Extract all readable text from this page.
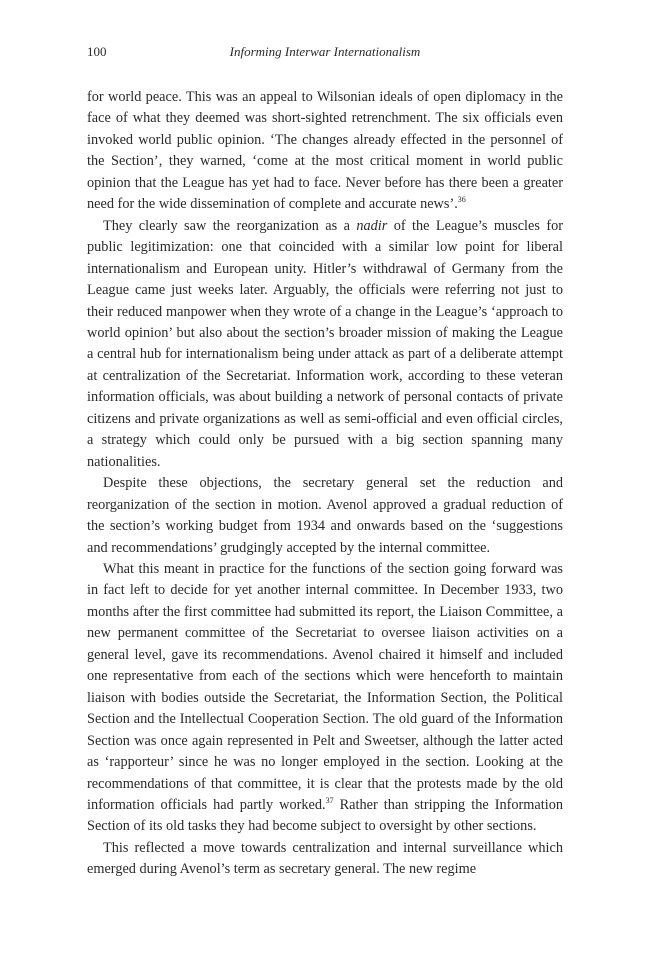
100	Informing Interwar Internationalism

for world peace. This was an appeal to Wilsonian ideals of open diplomacy in the face of what they deemed was short-sighted retrenchment. The six officials even invoked world public opinion. ‘The changes already effected in the personnel of the Section’, they warned, ‘come at the most critical moment in world public opinion that the League has yet had to face. Never before has there been a greater need for the wide dissemination of complete and accurate news’.$^{36}$

They clearly saw the reorganization as a nadir of the League’s muscles for public legitimization: one that coincided with a similar low point for liberal internationalism and European unity. Hitler’s withdrawal of Germany from the League came just weeks later. Arguably, the officials were referring not just to their reduced manpower when they wrote of a change in the League’s ‘approach to world opinion’ but also about the section’s broader mission of making the League a central hub for internationalism being under attack as part of a deliberate attempt at centralization of the Secretariat. Information work, according to these veteran information officials, was about building a network of personal contacts of private citizens and private organizations as well as semi-official and even official circles, a strategy which could only be pursued with a big section spanning many nationalities.

Despite these objections, the secretary general set the reduction and reorganization of the section in motion. Avenol approved a gradual reduction of the section’s working budget from 1934 and onwards based on the ‘suggestions and recommendations’ grudgingly accepted by the internal committee.

What this meant in practice for the functions of the section going forward was in fact left to decide for yet another internal committee. In December 1933, two months after the first committee had submitted its report, the Liaison Committee, a new permanent committee of the Secretariat to oversee liaison activities on a general level, gave its recommendations. Avenol chaired it himself and included one representative from each of the sections which were henceforth to maintain liaison with bodies outside the Secretariat, the Information Section, the Political Section and the Intellectual Cooperation Section. The old guard of the Information Section was once again represented in Pelt and Sweetser, although the latter acted as ‘rapporteur’ since he was no longer employed in the section. Looking at the recommendations of that committee, it is clear that the protests made by the old information officials had partly worked.$^{37}$ Rather than stripping the Information Section of its old tasks they had become subject to oversight by other sections.

This reflected a move towards centralization and internal surveillance which emerged during Avenol’s term as secretary general. The new regime
